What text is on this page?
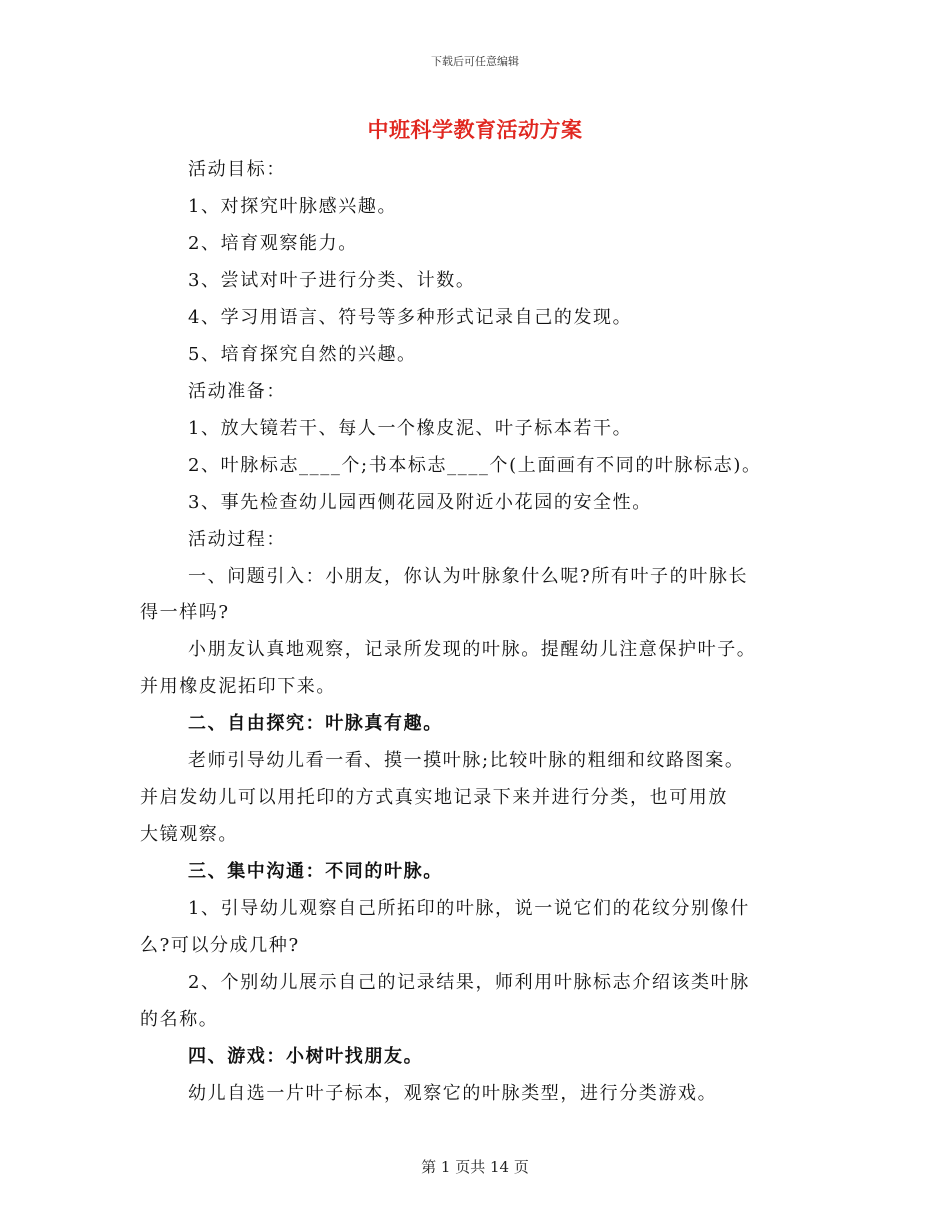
下载后可任意编辑
中班科学教育活动方案
活动目标：
1、对探究叶脉感兴趣。
2、培育观察能力。
3、尝试对叶子进行分类、计数。
4、学习用语言、符号等多种形式记录自己的发现。
5、培育探究自然的兴趣。
活动准备：
1、放大镜若干、每人一个橡皮泥、叶子标本若干。
2、叶脉标志____个;书本标志____个(上面画有不同的叶脉标志)。
3、事先检查幼儿园西侧花园及附近小花园的安全性。
活动过程：
一、问题引入：小朋友，你认为叶脉象什么呢?所有叶子的叶脉长
得一样吗?
小朋友认真地观察，记录所发现的叶脉。提醒幼儿注意保护叶子。
并用橡皮泥拓印下来。
二、自由探究：叶脉真有趣。
老师引导幼儿看一看、摸一摸叶脉;比较叶脉的粗细和纹路图案。
并启发幼儿可以用托印的方式真实地记录下来并进行分类，也可用放
大镜观察。
三、集中沟通：不同的叶脉。
1、引导幼儿观察自己所拓印的叶脉，说一说它们的花纹分别像什
么?可以分成几种?
2、个别幼儿展示自己的记录结果，师利用叶脉标志介绍该类叶脉
的名称。
四、游戏：小树叶找朋友。
幼儿自选一片叶子标本，观察它的叶脉类型，进行分类游戏。
第 1 页共 14 页
